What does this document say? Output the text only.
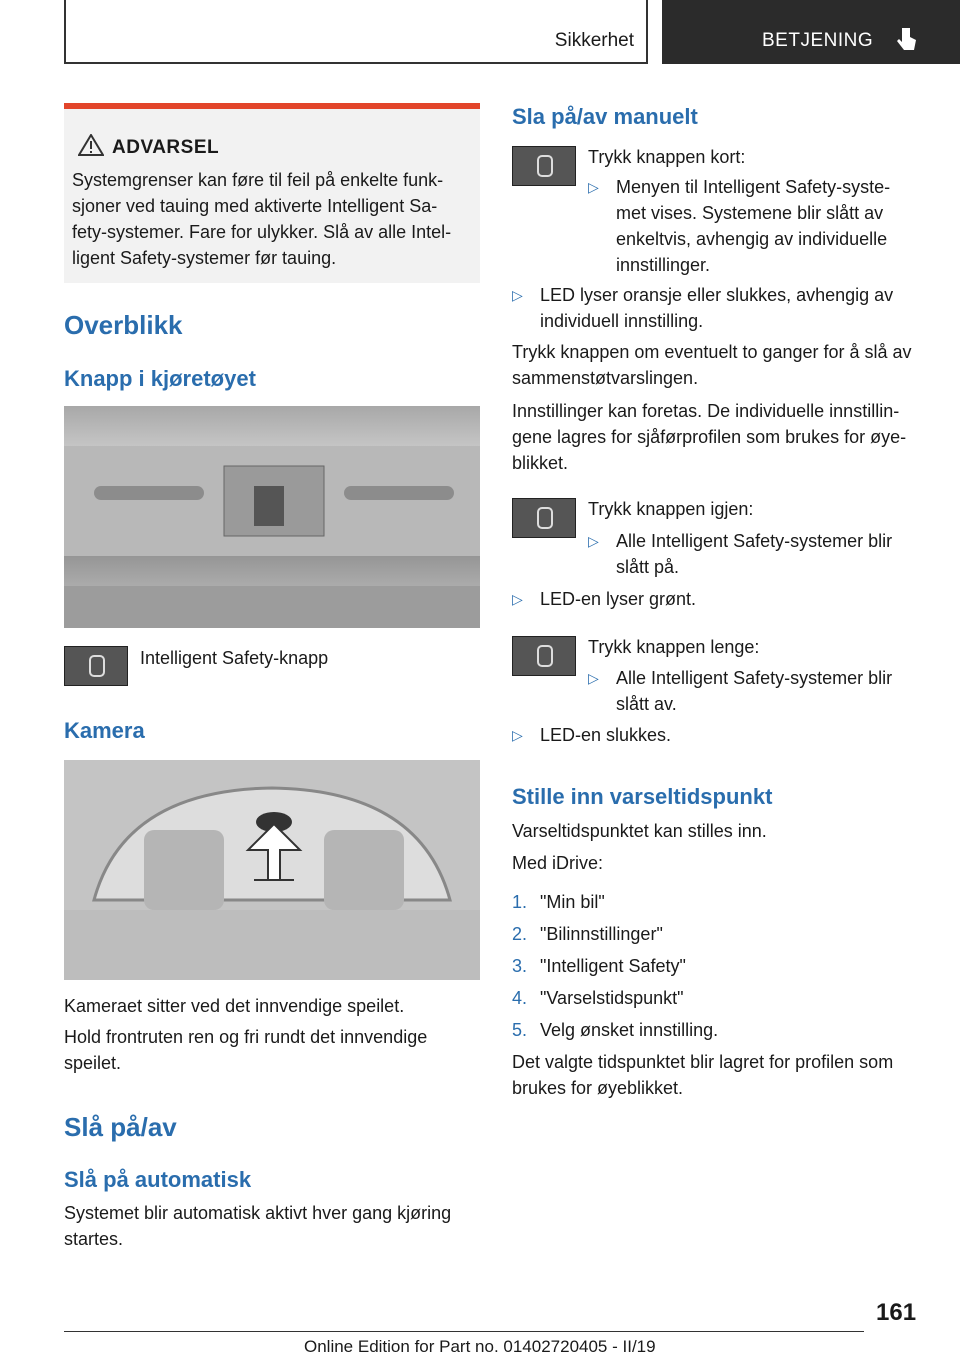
Sikkerhet	BETJENING
ADVARSEL
Systemgrenser kan føre til feil på enkelte funk-sjoner ved tauing med aktiverte Intelligent Sa-fety-systemer. Fare for ulykker. Slå av alle Intel-ligent Safety-systemer før tauing.
Overblikk
Knapp i kjøretøyet
Intelligent Safety-knapp
Kamera
Kameraet sitter ved det innvendige speilet.
Hold frontruten ren og fri rundt det innvendige speilet.
Slå på/av
Slå på automatisk
Systemet blir automatisk aktivt hver gang kjøring startes.
Sla på/av manuelt
Trykk knappen kort:
▷ Menyen til Intelligent Safety-syste-met vises. Systemene blir slått av enkeltvis, avhengig av individuelle innstillinger.
▷ LED lyser oransje eller slukkes, avhengig av individuell innstilling.
Trykk knappen om eventuelt to ganger for å slå av sammenstøtvarslingen.
Innstillinger kan foretas. De individuelle innstillin-gene lagres for sjåførprofilen som brukes for øye-blikket.
Trykk knappen igjen:
▷ Alle Intelligent Safety-systemer blir slått på.
▷ LED-en lyser grønt.
Trykk knappen lenge:
▷ Alle Intelligent Safety-systemer blir slått av.
▷ LED-en slukkes.
Stille inn varseltidspunkt
Varseltidspunktet kan stilles inn.
Med iDrive:
1. "Min bil"
2. "Bilinnstillinger"
3. "Intelligent Safety"
4. "Varselstidspunkt"
5. Velg ønsket innstilling.
Det valgte tidspunktet blir lagret for profilen som brukes for øyeblikket.
161
Online Edition for Part no. 01402720405 - II/19
